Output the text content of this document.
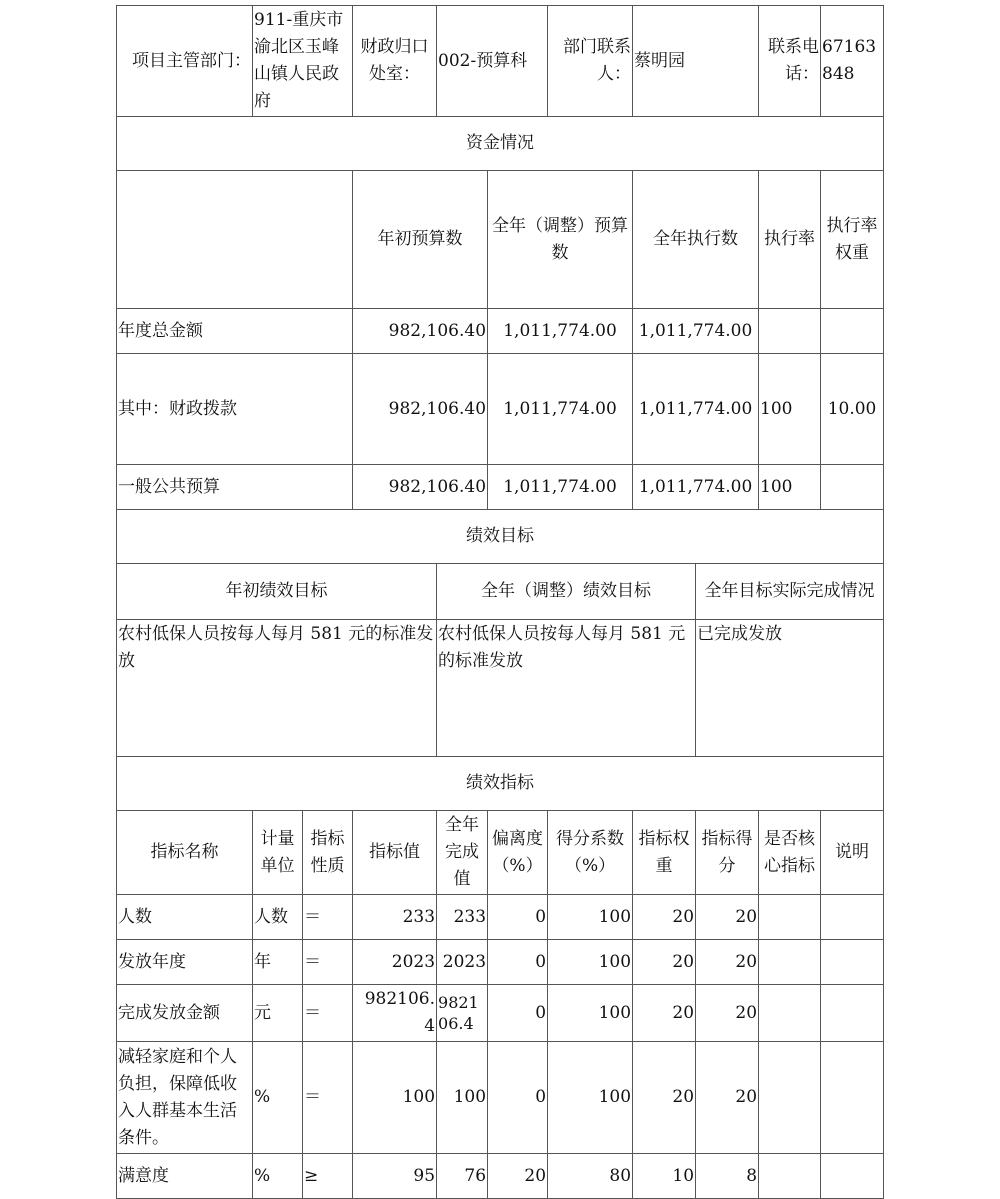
项目主管部门：	911-重庆市渝北区玉峰山镇人民政府		财政归口处室：	002-预算科		部门联系人：	蔡明园		联系电话：	67163848	
资金情况											
			年初预算数		全年（调整）预算数		全年执行数		执行率	执行率权重	
年度总金额			982,106.40		1,011,774.00		1,011,774.00				
其中：财政拨款			982,106.40		1,011,774.00		1,011,774.00		100	10.00	
一般公共预算			982,106.40		1,011,774.00		1,011,774.00		100		
绩效目标											
年初绩效目标				全年（调整）绩效目标				全年目标实际完成情况			
农村低保人员按每人每月 581 元的标准发放				农村低保人员按每人每月 581 元的标准发放				已完成发放			
绩效指标											
指标名称	计量单位	指标性质	指标值	全年完成值	偏离度（%）	得分系数（%）	指标权重	指标得分	是否核心指标	说明	
人数	人数	＝	233	233	0	100	20	20			
发放年度	年	＝	2023	2023	0	100	20	20			
完成发放金额	元	＝	982106.4	982106.4	0	100	20	20			
减轻家庭和个人负担，保障低收入人群基本生活条件。	%	＝	100	100	0	100	20	20			
满意度	%	≥	95	76	20	80	10	8			
